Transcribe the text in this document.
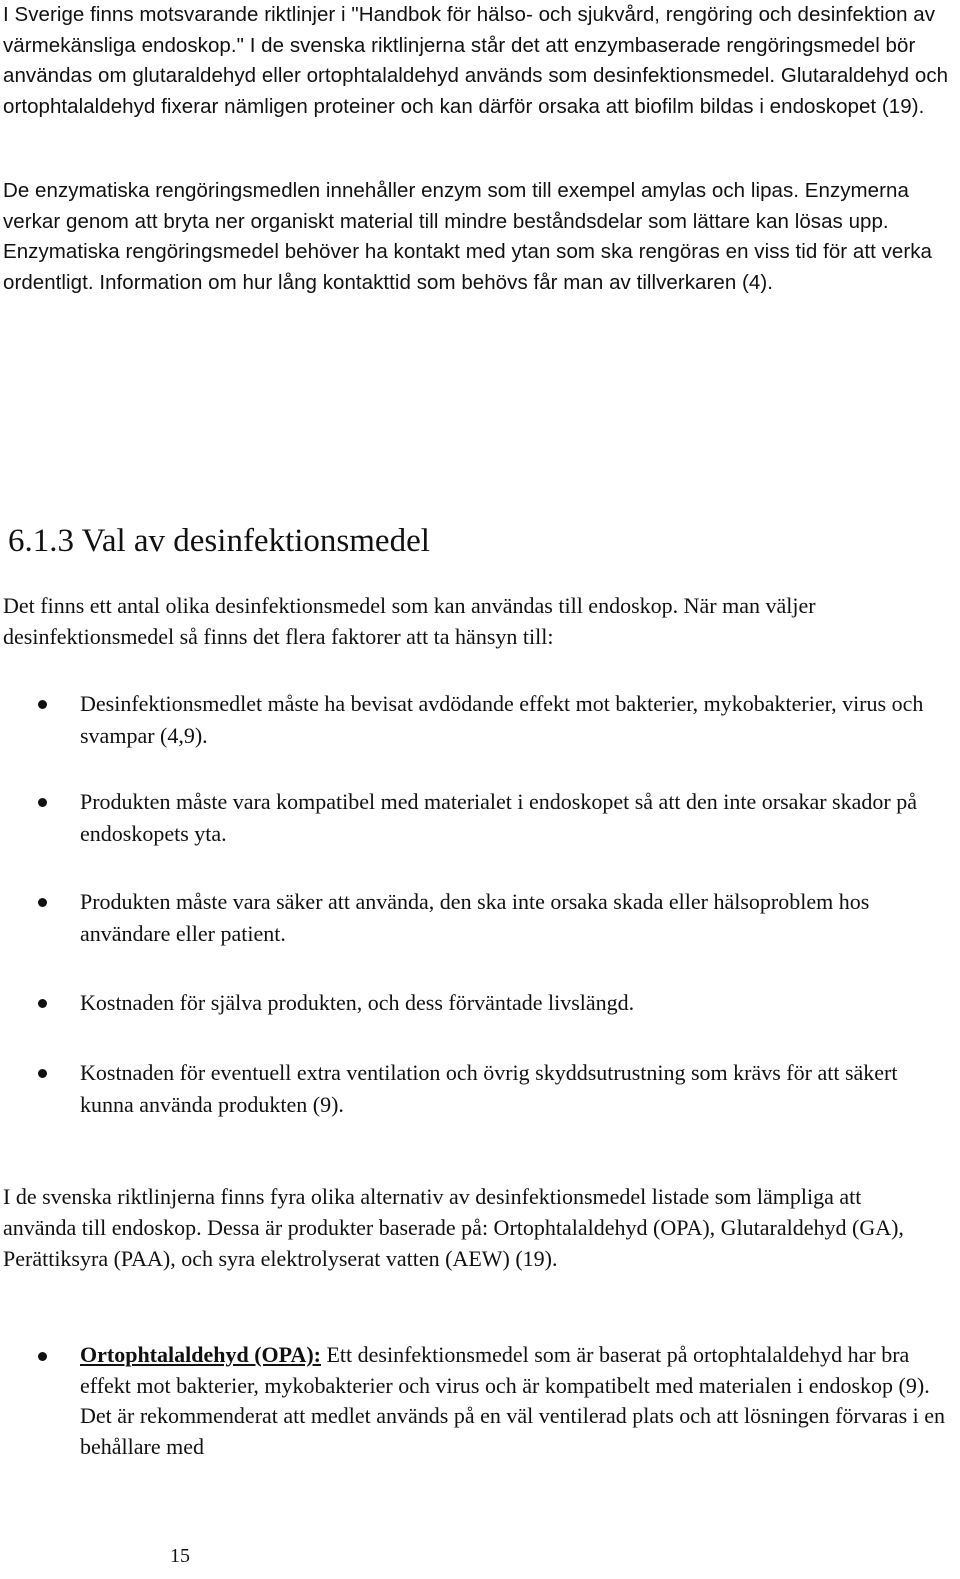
I Sverige finns motsvarande riktlinjer i "Handbok för hälso- och sjukvård, rengöring och desinfektion av värmekänsliga endoskop." I de svenska riktlinjerna står det att enzymbaserade rengöringsmedel bör användas om glutaraldehyd eller ortophtalaldehyd används som desinfektionsmedel. Glutaraldehyd och ortophtalaldehyd fixerar nämligen proteiner och kan därför orsaka att biofilm bildas i endoskopet (19).

De enzymatiska rengöringsmedlen innehåller enzym som till exempel amylas och lipas. Enzymerna verkar genom att bryta ner organiskt material till mindre beståndsdelar som lättare kan lösas upp. Enzymatiska rengöringsmedel behöver ha kontakt med ytan som ska rengöras en viss tid för att verka ordentligt. Information om hur lång kontakttid som behövs får man av tillverkaren (4).

6.1.3 Val av desinfektionsmedel

Det finns ett antal olika desinfektionsmedel som kan användas till endoskop. När man väljer desinfektionsmedel så finns det flera faktorer att ta hänsyn till:

Desinfektionsmedlet måste ha bevisat avdödande effekt mot bakterier, mykobakterier, virus och svampar (4,9).
Produkten måste vara kompatibel med materialet i endoskopet så att den inte orsakar skador på endoskopets yta.
Produkten måste vara säker att använda, den ska inte orsaka skada eller hälsoproblem hos användare eller patient.
Kostnaden för själva produkten, och dess förväntade livslängd.
Kostnaden för eventuell extra ventilation och övrig skyddsutrustning som krävs för att säkert kunna använda produkten (9).

I de svenska riktlinjerna finns fyra olika alternativ av desinfektionsmedel listade som lämpliga att använda till endoskop. Dessa är produkter baserade på: Ortophtalaldehyd (OPA), Glutaraldehyd (GA), Perättiksyra (PAA), och syra elektrolyserat vatten (AEW) (19).

Ortophtalaldehyd (OPA): Ett desinfektionsmedel som är baserat på ortophtalaldehyd har bra effekt mot bakterier, mykobakterier och virus och är kompatibelt med materialen i endoskop (9). Det är rekommenderat att medlet används på en väl ventilerad plats och att lösningen förvaras i en behållare med
15
